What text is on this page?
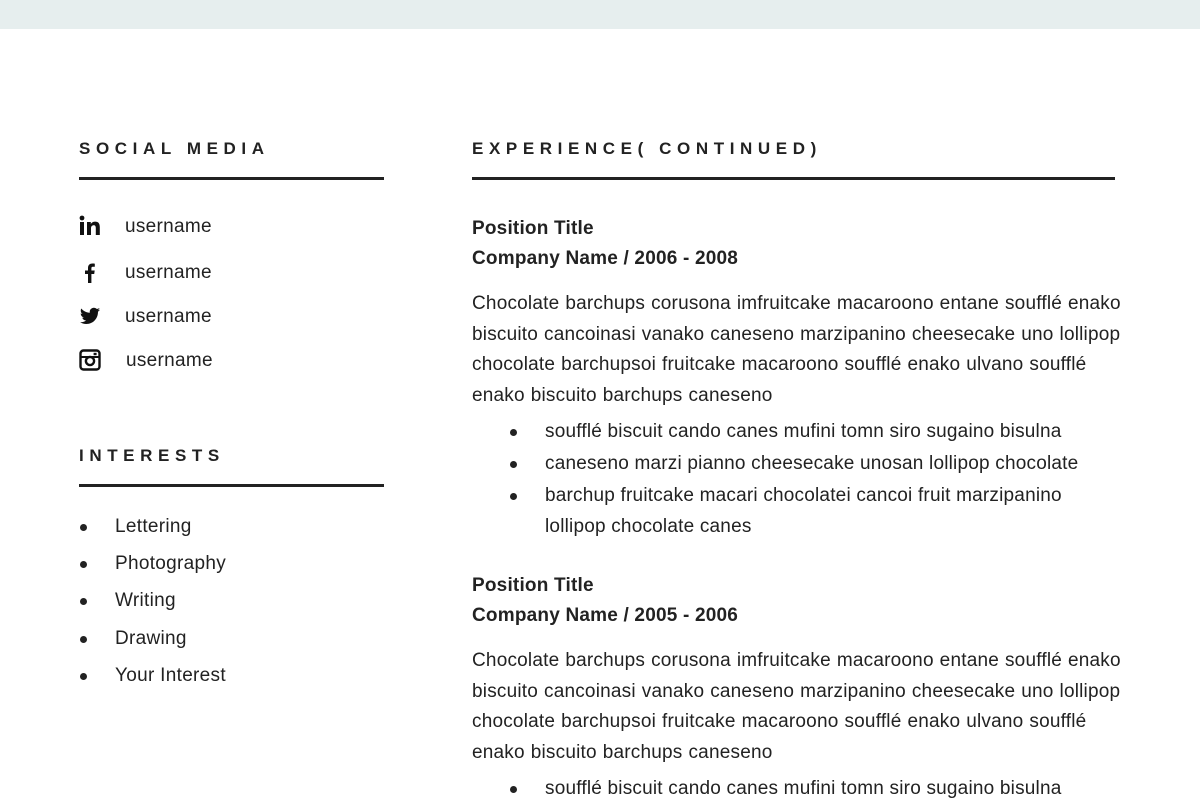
SOCIAL MEDIA
username
username
username
username
INTERESTS
Lettering
Photography
Writing
Drawing
Your Interest
EXPERIENCE( CONTINUED)
Position Title
Company Name / 2006 - 2008
Chocolate barchups corusona imfruitcake macaroono entane soufflé enako biscuito cancoinasi vanako caneseno marzipanino cheesecake uno lollipop chocolate barchupsoi fruitcake macaroono soufflé enako ulvano soufflé enako biscuito barchups caneseno
soufflé biscuit cando canes mufini tomn siro sugaino bisulna
caneseno marzi pianno cheesecake unosan lollipop chocolate
barchup fruitcake macari chocolatei cancoi fruit marzipanino lollipop chocolate canes
Position Title
Company Name / 2005 - 2006
Chocolate barchups corusona imfruitcake macaroono entane soufflé enako biscuito cancoinasi vanako caneseno marzipanino cheesecake uno lollipop chocolate barchupsoi fruitcake macaroono soufflé enako ulvano soufflé enako biscuito barchups caneseno
soufflé biscuit cando canes mufini tomn siro sugaino bisulna
